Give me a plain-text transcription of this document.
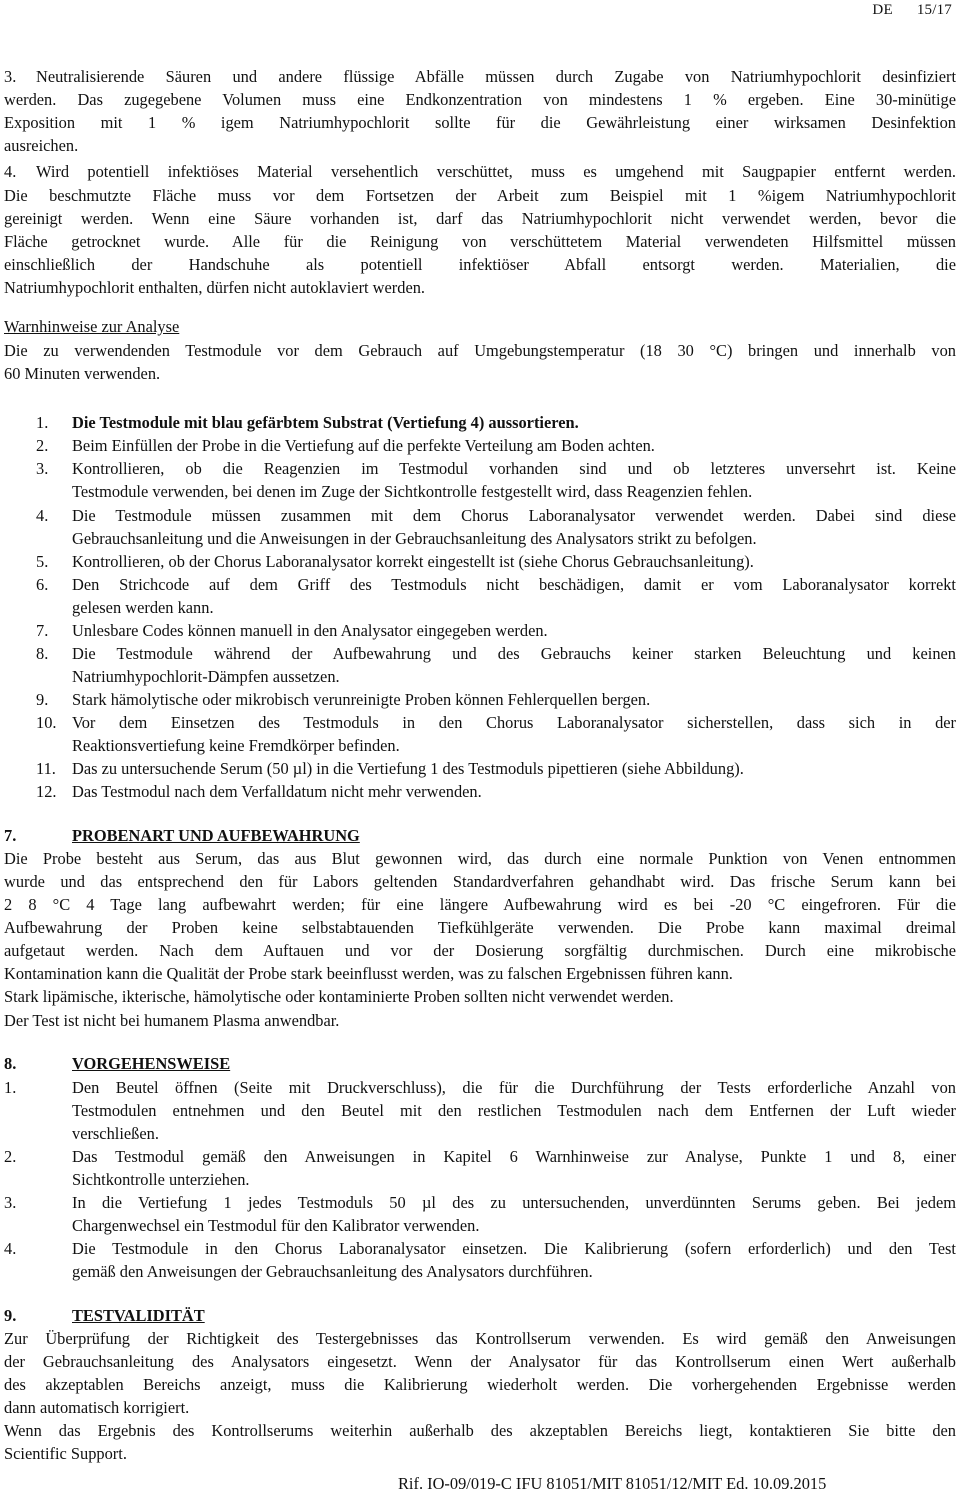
DE 15/17
3. Neutralisierende Säuren und andere flüssige Abfälle müssen durch Zugabe von Natriumhypochlorit desinfiziert
werden. Das zugegebene Volumen muss eine Endkonzentration von mindestens 1 % ergeben. Eine 30-minütige
Exposition mit 1 % igem Natriumhypochlorit sollte für die Gewährleistung einer wirksamen Desinfektion
ausreichen.
4. Wird potentiell infektiöses Material versehentlich verschüttet, muss es umgehend mit Saugpapier entfernt werden.
Die beschmutzte Fläche muss vor dem Fortsetzen der Arbeit zum Beispiel mit 1 %igem Natriumhypochlorit
gereinigt werden. Wenn eine Säure vorhanden ist, darf das Natriumhypochlorit nicht verwendet werden, bevor die
Fläche getrocknet wurde. Alle für die Reinigung von verschüttetem Material verwendeten Hilfsmittel müssen
einschließlich der Handschuhe als potentiell infektiöser Abfall entsorgt werden. Materialien, die
Natriumhypochlorit enthalten, dürfen nicht autoklaviert werden.
Warnhinweise zur Analyse
Die zu verwendenden Testmodule vor dem Gebrauch auf Umgebungstemperatur (18 30 °C) bringen und innerhalb von
60 Minuten verwenden.
1. Die Testmodule mit blau gefärbtem Substrat (Vertiefung 4) aussortieren.
2. Beim Einfüllen der Probe in die Vertiefung auf die perfekte Verteilung am Boden achten.
3. Kontrollieren, ob die Reagenzien im Testmodul vorhanden sind und ob letzteres unversehrt ist. Keine
Testmodule verwenden, bei denen im Zuge der Sichtkontrolle festgestellt wird, dass Reagenzien fehlen.
4. Die Testmodule müssen zusammen mit dem Chorus Laboranalysator verwendet werden. Dabei sind diese
Gebrauchsanleitung und die Anweisungen in der Gebrauchsanleitung des Analysators strikt zu befolgen.
5. Kontrollieren, ob der Chorus Laboranalysator korrekt eingestellt ist (siehe Chorus Gebrauchsanleitung).
6. Den Strichcode auf dem Griff des Testmoduls nicht beschädigen, damit er vom Laboranalysator korrekt
gelesen werden kann.
7. Unlesbare Codes können manuell in den Analysator eingegeben werden.
8. Die Testmodule während der Aufbewahrung und des Gebrauchs keiner starken Beleuchtung und keinen
Natriumhypochlorit-Dämpfen aussetzen.
9. Stark hämolytische oder mikrobisch verunreinigte Proben können Fehlerquellen bergen.
10. Vor dem Einsetzen des Testmoduls in den Chorus Laboranalysator sicherstellen, dass sich in der
Reaktionsvertiefung keine Fremdkörper befinden.
11. Das zu untersuchende Serum (50 µl) in die Vertiefung 1 des Testmoduls pipettieren (siehe Abbildung).
12. Das Testmodul nach dem Verfalldatum nicht mehr verwenden.
7.	PROBENART UND AUFBEWAHRUNG
Die Probe besteht aus Serum, das aus Blut gewonnen wird, das durch eine normale Punktion von Venen entnommen
wurde und das entsprechend den für Labors geltenden Standardverfahren gehandhabt wird. Das frische Serum kann bei
2 8 °C 4 Tage lang aufbewahrt werden; für eine längere Aufbewahrung wird es bei -20 °C eingefroren. Für die
Aufbewahrung der Proben keine selbstabtauenden Tiefkühlgeräte verwenden. Die Probe kann maximal dreimal
aufgetaut werden. Nach dem Auftauen und vor der Dosierung sorgfältig durchmischen. Durch eine mikrobische
Kontamination kann die Qualität der Probe stark beeinflusst werden, was zu falschen Ergebnissen führen kann.
Stark lipämische, ikterische, hämolytische oder kontaminierte Proben sollten nicht verwendet werden.
Der Test ist nicht bei humanem Plasma anwendbar.
8.	VORGEHENSWEISE
1.	Den Beutel öffnen (Seite mit Druckverschluss), die für die Durchführung der Tests erforderliche Anzahl von
Testmodulen entnehmen und den Beutel mit den restlichen Testmodulen nach dem Entfernen der Luft wieder
verschließen.
2.	Das Testmodul gemäß den Anweisungen in Kapitel 6 Warnhinweise zur Analyse, Punkte 1 und 8, einer
Sichtkontrolle unterziehen.
3.	In die Vertiefung 1 jedes Testmoduls 50 µl des zu untersuchenden, unverdünnten Serums geben. Bei jedem
Chargenwechsel ein Testmodul für den Kalibrator verwenden.
4.	Die Testmodule in den Chorus Laboranalysator einsetzen. Die Kalibrierung (sofern erforderlich) und den Test
gemäß den Anweisungen der Gebrauchsanleitung des Analysators durchführen.
9.	TESTVALIDITÄT
Zur Überprüfung der Richtigkeit des Testergebnisses das Kontrollserum verwenden. Es wird gemäß den Anweisungen
der Gebrauchsanleitung des Analysators eingesetzt. Wenn der Analysator für das Kontrollserum einen Wert außerhalb
des akzeptablen Bereichs anzeigt, muss die Kalibrierung wiederholt werden. Die vorhergehenden Ergebnisse werden
dann automatisch korrigiert.
Wenn das Ergebnis des Kontrollserums weiterhin außerhalb des akzeptablen Bereichs liegt, kontaktieren Sie bitte den
Scientific Support.
Rif. IO-09/019-C IFU 81051/MIT 81051/12/MIT Ed. 10.09.2015
